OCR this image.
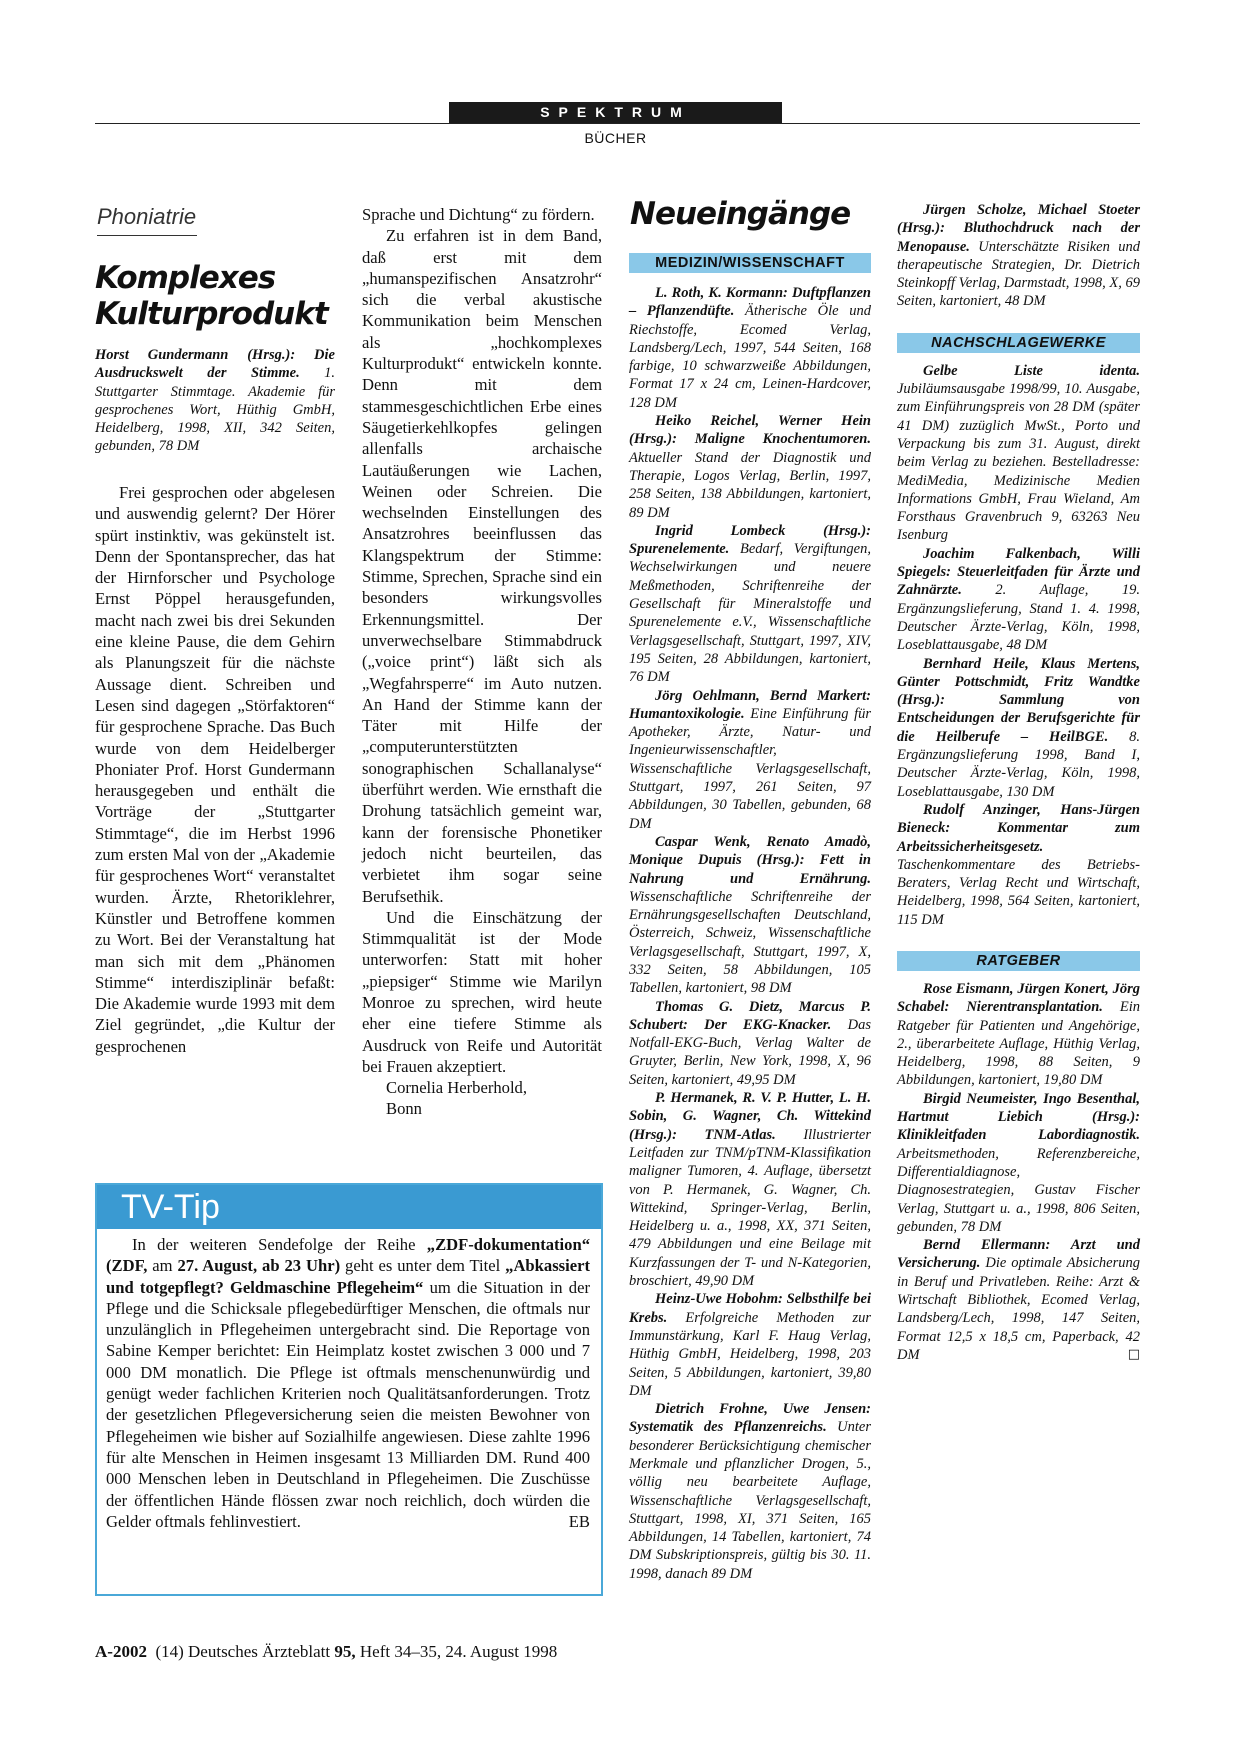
SPEKTRUM
BÜCHER
Phoniatrie
Komplexes Kulturprodukt
Horst Gundermann (Hrsg.): Die Ausdruckswelt der Stimme. 1. Stuttgarter Stimmtage. Akademie für gesprochenes Wort, Hüthig GmbH, Heidelberg, 1998, XII, 342 Seiten, gebunden, 78 DM

Frei gesprochen oder abgelesen und auswendig gelernt? Der Hörer spürt instinktiv, was gekünstelt ist. Denn der Spontansprecher, das hat der Hirnforscher und Psychologe Ernst Pöppel herausgefunden, macht nach zwei bis drei Sekunden eine kleine Pause, die dem Gehirn als Planungszeit für die nächste Aussage dient. Schreiben und Lesen sind dagegen „Störfaktoren“ für gesprochene Sprache. Das Buch wurde von dem Heidelberger Phoniater Prof. Horst Gundermann herausgegeben und enthält die Vorträge der „Stuttgarter Stimmtage“, die im Herbst 1996 zum ersten Mal von der „Akademie für gesprochenes Wort“ veranstaltet wurden. Ärzte, Rhetoriklehrer, Künstler und Betroffene kommen zu Wort. Bei der Veranstaltung hat man sich mit dem „Phänomen Stimme“ interdisziplinär befaßt: Die Akademie wurde 1993 mit dem Ziel gegründet, „die Kultur der gesprochenen

Sprache und Dichtung“ zu fördern.

Zu erfahren ist in dem Band, daß erst mit dem „humanspezifischen Ansatzrohr“ sich die verbal akustische Kommunikation beim Menschen als „hochkomplexes Kulturprodukt“ entwickeln konnte. Denn mit dem stammesgeschichtlichen Erbe eines Säugetierkehlkopfes gelingen allenfalls archaische Lautäußerungen wie Lachen, Weinen oder Schreien. Die wechselnden Einstellungen des Ansatzrohres beeinflussen das Klangspektrum der Stimme: Stimme, Sprechen, Sprache sind ein besonders wirkungsvolles Erkennungsmittel. Der unverwechselbare Stimmabdruck („voice print“) läßt sich als „Wegfahrsperre“ im Auto nutzen. An Hand der Stimme kann der Täter mit Hilfe der „computerunterstützten sonographischen Schallanalyse“ überführt werden. Wie ernsthaft die Drohung tatsächlich gemeint war, kann der forensische Phonetiker jedoch nicht beurteilen, das verbietet ihm sogar seine Berufsethik.

Und die Einschätzung der Stimmqualität ist der Mode unterworfen: Statt mit hoher „piepsiger“ Stimme wie Marilyn Monroe zu sprechen, wird heute eher eine tiefere Stimme als Ausdruck von Reife und Autorität bei Frauen akzeptiert.

Cornelia Herberhold,

Bonn

TV-Tip

In der weiteren Sendefolge der Reihe „ZDF-dokumentation“ (ZDF, am 27. August, ab 23 Uhr) geht es unter dem Titel „Abkassiert und totgepflegt? Geldmaschine Pflegeheim“ um die Situation in der Pflege und die Schicksale pflegebedürftiger Menschen, die oftmals nur unzulänglich in Pflegeheimen untergebracht sind. Die Reportage von Sabine Kemper berichtet: Ein Heimplatz kostet zwischen 3 000 und 7 000 DM monatlich. Die Pflege ist oftmals menschenunwürdig und genügt weder fachlichen Kriterien noch Qualitätsanforderungen. Trotz der gesetzlichen Pflegeversicherung seien die meisten Bewohner von Pflegeheimen wie bisher auf Sozialhilfe angewiesen. Diese zahlte 1996 für alte Menschen in Heimen insgesamt 13 Milliarden DM. Rund 400 000 Menschen leben in Deutschland in Pflegeheimen. Die Zuschüsse der öffentlichen Hände flössen zwar noch reichlich, doch würden die Gelder oftmals fehlinvestiert.	EB

Neueingänge
MEDIZIN/WISSENSCHAFT

L. Roth, K. Kormann: Duftpflanzen – Pflanzendüfte. Ätherische Öle und Riechstoffe, Ecomed Verlag, Landsberg/Lech, 1997, 544 Seiten, 168 farbige, 10 schwarzweiße Abbildungen, Format 17 x 24 cm, Leinen-Hardcover, 128 DM

Heiko Reichel, Werner Hein (Hrsg.): Maligne Knochentumoren. Aktueller Stand der Diagnostik und Therapie, Logos Verlag, Berlin, 1997, 258 Seiten, 138 Abbildungen, kartoniert, 89 DM

Ingrid Lombeck (Hrsg.): Spurenelemente. Bedarf, Vergiftungen, Wechselwirkungen und neuere Meßmethoden, Schriftenreihe der Gesellschaft für Mineralstoffe und Spurenelemente e.V., Wissenschaftliche Verlagsgesellschaft, Stuttgart, 1997, XIV, 195 Seiten, 28 Abbildungen, kartoniert, 76 DM

Jörg Oehlmann, Bernd Markert: Humantoxikologie. Eine Einführung für Apotheker, Ärzte, Natur- und Ingenieurwissenschaftler, Wissenschaftliche Verlagsgesellschaft, Stuttgart, 1997, 261 Seiten, 97 Abbildungen, 30 Tabellen, gebunden, 68 DM

Caspar Wenk, Renato Amadò, Monique Dupuis (Hrsg.): Fett in Nahrung und Ernährung. Wissenschaftliche Schriftenreihe der Ernährungsgesellschaften Deutschland, Österreich, Schweiz, Wissenschaftliche Verlagsgesellschaft, Stuttgart, 1997, X, 332 Seiten, 58 Abbildungen, 105 Tabellen, kartoniert, 98 DM

Thomas G. Dietz, Marcus P. Schubert: Der EKG-Knacker. Das Notfall-EKG-Buch, Verlag Walter de Gruyter, Berlin, New York, 1998, X, 96 Seiten, kartoniert, 49,95 DM

P. Hermanek, R. V. P. Hutter, L. H. Sobin, G. Wagner, Ch. Wittekind (Hrsg.): TNM-Atlas. Illustrierter Leitfaden zur TNM/pTNM-Klassifikation maligner Tumoren, 4. Auflage, übersetzt von P. Hermanek, G. Wagner, Ch. Wittekind, Springer-Verlag, Berlin, Heidelberg u. a., 1998, XX, 371 Seiten, 479 Abbildungen und eine Beilage mit Kurzfassungen der T- und N-Kategorien, broschiert, 49,90 DM

Heinz-Uwe Hobohm: Selbsthilfe bei Krebs. Erfolgreiche Methoden zur Immunstärkung, Karl F. Haug Verlag, Hüthig GmbH, Heidelberg, 1998, 203 Seiten, 5 Abbildungen, kartoniert, 39,80 DM

Dietrich Frohne, Uwe Jensen: Systematik des Pflanzenreichs. Unter besonderer Berücksichtigung chemischer Merkmale und pflanzlicher Drogen, 5., völlig neu bearbeitete Auflage, Wissenschaftliche Verlagsgesellschaft, Stuttgart, 1998, XI, 371 Seiten, 165 Abbildungen, 14 Tabellen, kartoniert, 74 DM Subskriptionspreis, gültig bis 30. 11. 1998, danach 89 DM

Jürgen Scholze, Michael Stoeter (Hrsg.): Bluthochdruck nach der Menopause. Unterschätzte Risiken und therapeutische Strategien, Dr. Dietrich Steinkopff Verlag, Darmstadt, 1998, X, 69 Seiten, kartoniert, 48 DM

NACHSCHLAGEWERKE

Gelbe Liste identa. Jubiläumsausgabe 1998/99, 10. Ausgabe, zum Einführungspreis von 28 DM (später 41 DM) zuzüglich MwSt., Porto und Verpackung bis zum 31. August, direkt beim Verlag zu beziehen. Bestelladresse: MediMedia, Medizinische Medien Informations GmbH, Frau Wieland, Am Forsthaus Gravenbruch 9, 63263 Neu Isenburg

Joachim Falkenbach, Willi Spiegels: Steuerleitfaden für Ärzte und Zahnärzte. 2. Auflage, 19. Ergänzungslieferung, Stand 1. 4. 1998, Deutscher Ärzte-Verlag, Köln, 1998, Loseblattausgabe, 48 DM

Bernhard Heile, Klaus Mertens, Günter Pottschmidt, Fritz Wandtke (Hrsg.): Sammlung von Entscheidungen der Berufsgerichte für die Heilberufe – HeilBGE. 8. Ergänzungslieferung 1998, Band I, Deutscher Ärzte-Verlag, Köln, 1998, Loseblattausgabe, 130 DM

Rudolf Anzinger, Hans-Jürgen Bieneck: Kommentar zum Arbeitssicherheitsgesetz. Taschenkommentare des Betriebs-Beraters, Verlag Recht und Wirtschaft, Heidelberg, 1998, 564 Seiten, kartoniert, 115 DM

RATGEBER

Rose Eismann, Jürgen Konert, Jörg Schabel: Nierentransplantation. Ein Ratgeber für Patienten und Angehörige, 2., überarbeitete Auflage, Hüthig Verlag, Heidelberg, 1998, 88 Seiten, 9 Abbildungen, kartoniert, 19,80 DM

Birgid Neumeister, Ingo Besenthal, Hartmut Liebich (Hrsg.): Klinikleitfaden Labordiagnostik. Arbeitsmethoden, Referenzbereiche, Differentialdiagnose, Diagnosestrategien, Gustav Fischer Verlag, Stuttgart u. a., 1998, 806 Seiten, gebunden, 78 DM

Bernd Ellermann: Arzt und Versicherung. Die optimale Absicherung in Beruf und Privatleben. Reihe: Arzt & Wirtschaft Bibliothek, Ecomed Verlag, Landsberg/Lech, 1998, 147 Seiten, Format 12,5 x 18,5 cm, Paperback, 42 DM	□

A-2002 (14) Deutsches Ärzteblatt 95, Heft 34–35, 24. August 1998
